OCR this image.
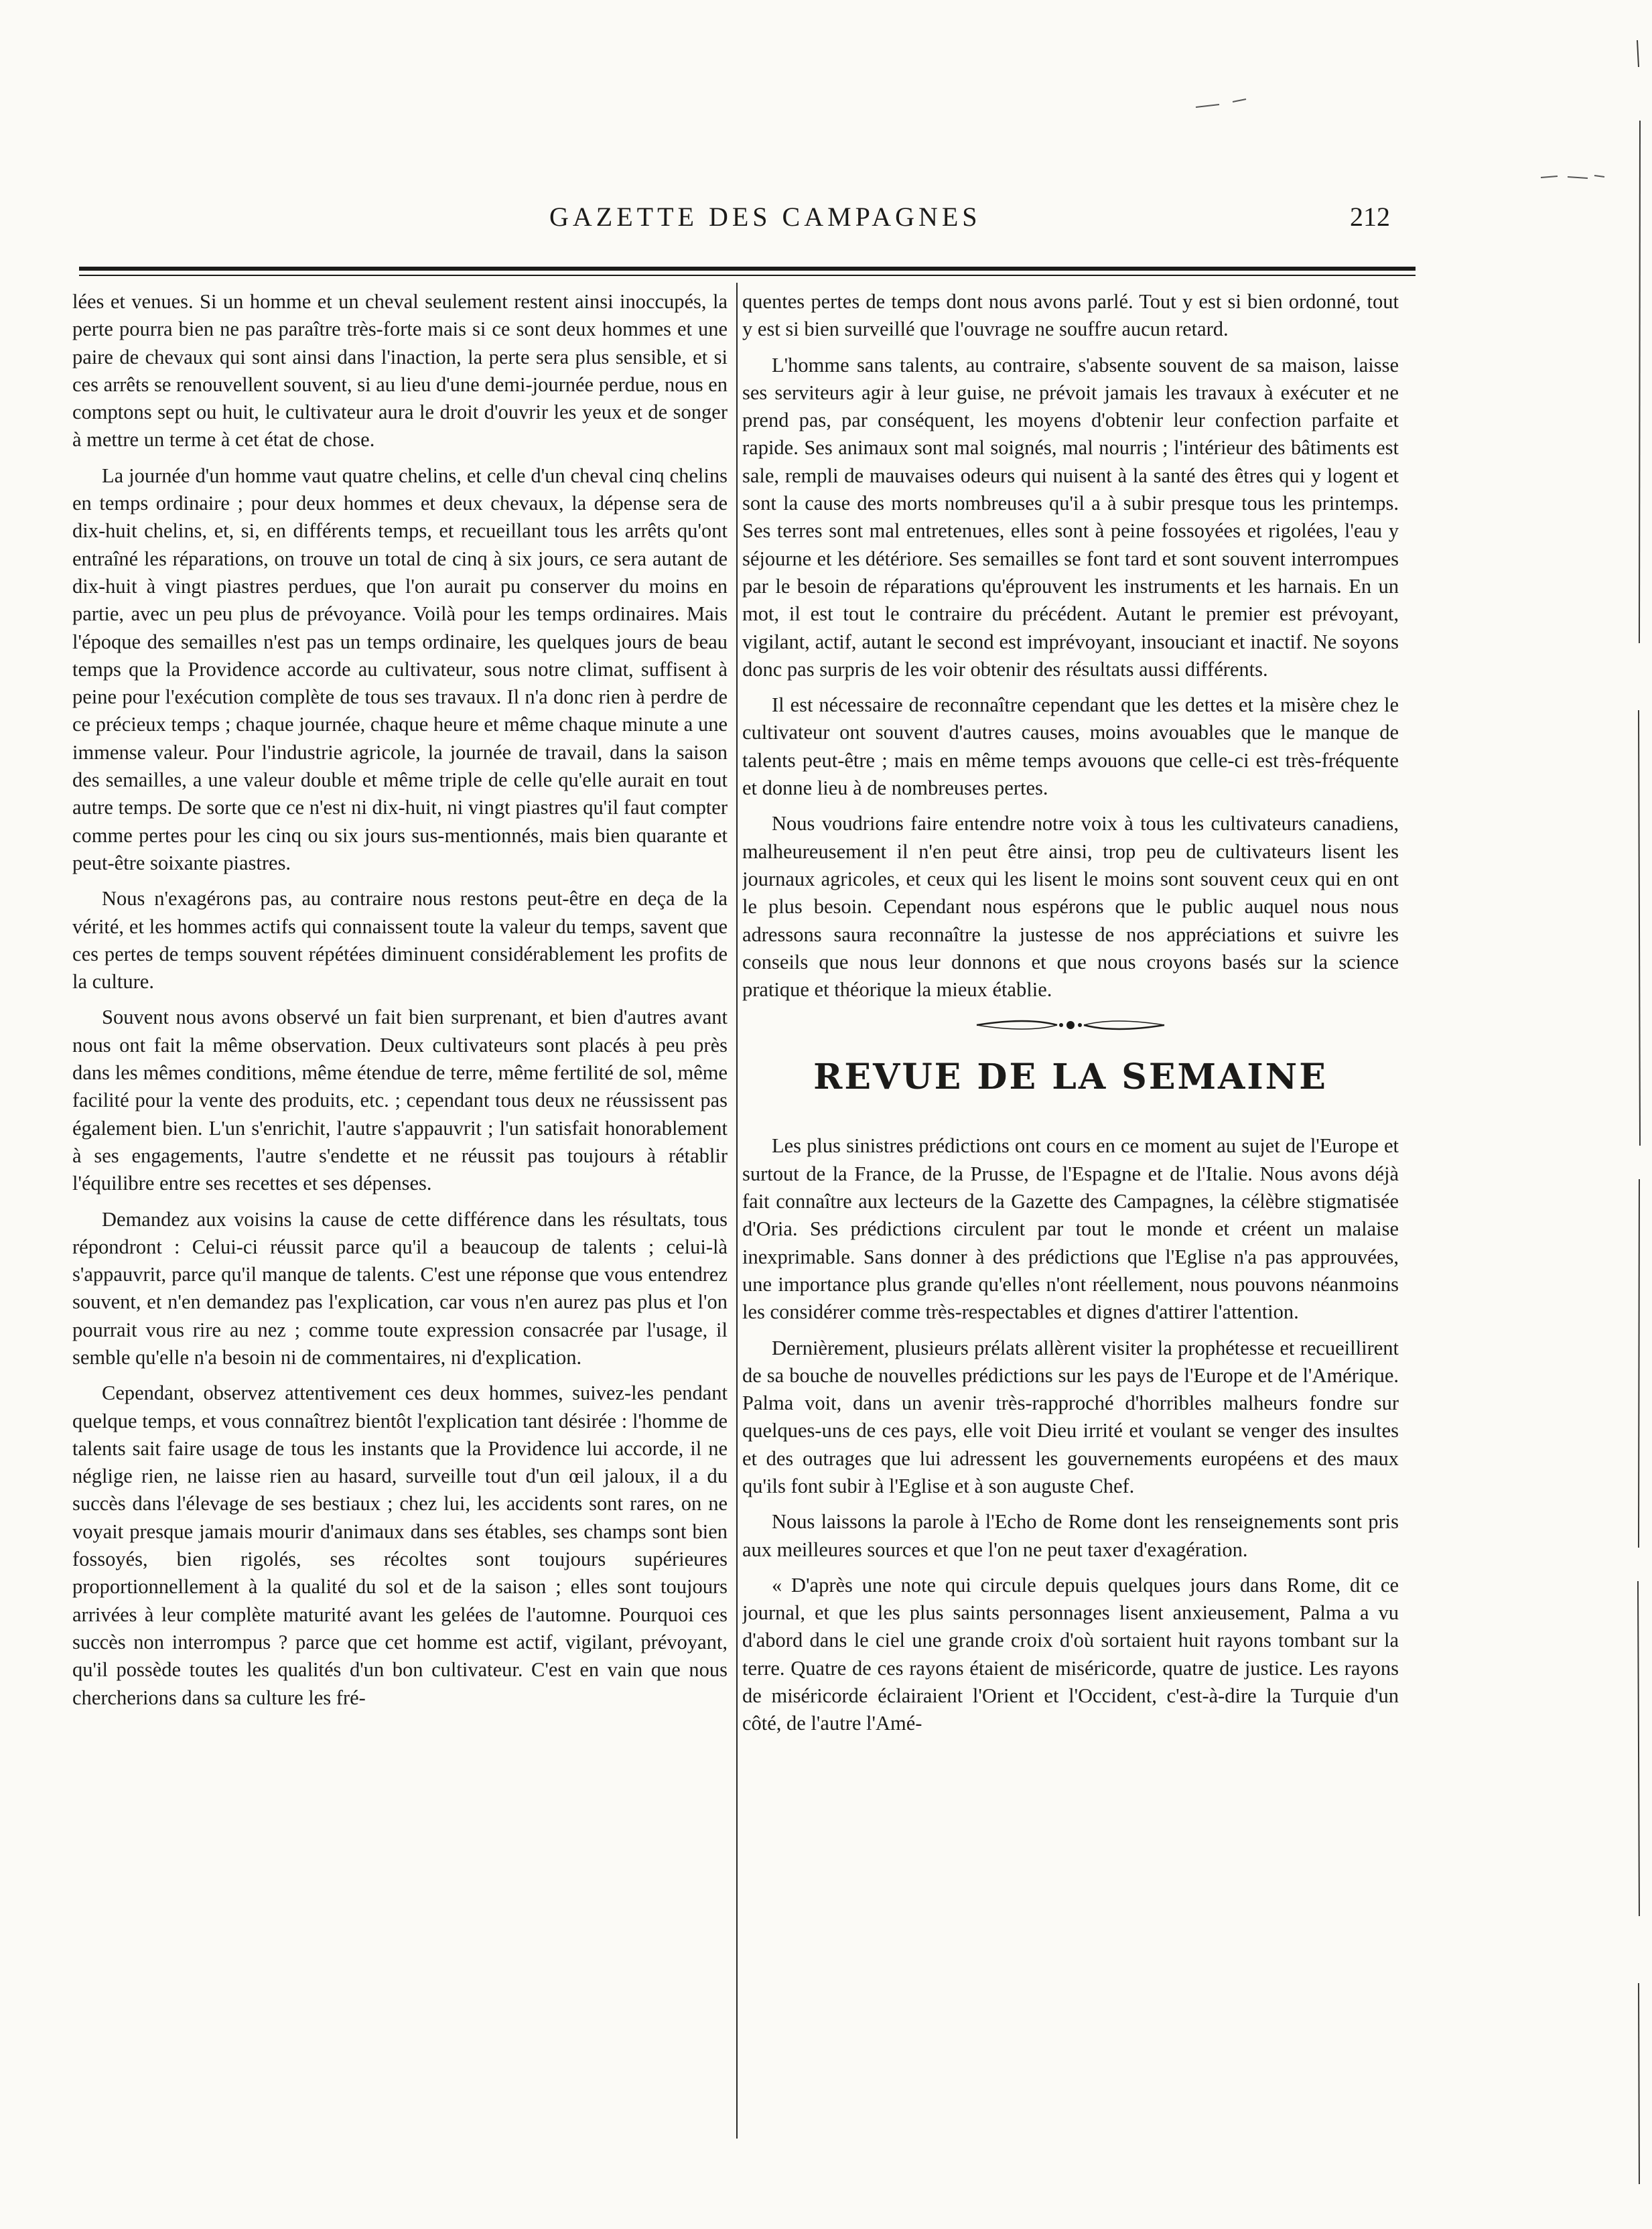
GAZETTE DES CAMPAGNES	212

lées et venues. Si un homme et un cheval seulement restent ainsi inoccupés, la perte pourra bien ne pas paraître très-forte mais si ce sont deux hommes et une paire de chevaux qui sont ainsi dans l'inaction, la perte sera plus sensible, et si ces arrêts se renouvellent souvent, si au lieu d'une demi-journée perdue, nous en comptons sept ou huit, le cultivateur aura le droit d'ouvrir les yeux et de songer à mettre un terme à cet état de chose.

La journée d'un homme vaut quatre chelins, et celle d'un cheval cinq chelins en temps ordinaire ; pour deux hommes et deux chevaux, la dépense sera de dix-huit chelins, et, si, en différents temps, et recueillant tous les arrêts qu'ont entraîné les réparations, on trouve un total de cinq à six jours, ce sera autant de dix-huit à vingt piastres perdues, que l'on aurait pu conserver du moins en partie, avec un peu plus de prévoyance. Voilà pour les temps ordinaires. Mais l'époque des semailles n'est pas un temps ordinaire, les quelques jours de beau temps que la Providence accorde au cultivateur, sous notre climat, suffisent à peine pour l'exécution complète de tous ses travaux. Il n'a donc rien à perdre de ce précieux temps ; chaque journée, chaque heure et même chaque minute a une immense valeur. Pour l'industrie agricole, la journée de travail, dans la saison des semailles, a une valeur double et même triple de celle qu'elle aurait en tout autre temps. De sorte que ce n'est ni dix-huit, ni vingt piastres qu'il faut compter comme pertes pour les cinq ou six jours sus-mentionnés, mais bien quarante et peut-être soixante piastres.

Nous n'exagérons pas, au contraire nous restons peut-être en deça de la vérité, et les hommes actifs qui connaissent toute la valeur du temps, savent que ces pertes de temps souvent répétées diminuent considérablement les profits de la culture.

Souvent nous avons observé un fait bien surprenant, et bien d'autres avant nous ont fait la même observation. Deux cultivateurs sont placés à peu près dans les mêmes conditions, même étendue de terre, même fertilité de sol, même facilité pour la vente des produits, etc. ; cependant tous deux ne réussissent pas également bien. L'un s'enrichit, l'autre s'appauvrit ; l'un satisfait honorablement à ses engagements, l'autre s'endette et ne réussit pas toujours à rétablir l'équilibre entre ses recettes et ses dépenses.

Demandez aux voisins la cause de cette différence dans les résultats, tous répondront : Celui-ci réussit parce qu'il a beaucoup de talents ; celui-là s'appauvrit, parce qu'il manque de talents. C'est une réponse que vous entendrez souvent, et n'en demandez pas l'explication, car vous n'en aurez pas plus et l'on pourrait vous rire au nez ; comme toute expression consacrée par l'usage, il semble qu'elle n'a besoin ni de commentaires, ni d'explication.

Cependant, observez attentivement ces deux hommes, suivez-les pendant quelque temps, et vous connaîtrez bientôt l'explication tant désirée : l'homme de talents sait faire usage de tous les instants que la Providence lui accorde, il ne néglige rien, ne laisse rien au hasard, surveille tout d'un œil jaloux, il a du succès dans l'élevage de ses bestiaux ; chez lui, les accidents sont rares, on ne voyait presque jamais mourir d'animaux dans ses étables, ses champs sont bien fossoyés, bien rigolés, ses récoltes sont toujours supérieures proportionnellement à la qualité du sol et de la saison ; elles sont toujours arrivées à leur complète maturité avant les gelées de l'automne. Pourquoi ces succès non interrompus ? parce que cet homme est actif, vigilant, prévoyant, qu'il possède toutes les qualités d'un bon cultivateur. C'est en vain que nous chercherions dans sa culture les fré-

quentes pertes de temps dont nous avons parlé. Tout y est si bien ordonné, tout y est si bien surveillé que l'ouvrage ne souffre aucun retard.

L'homme sans talents, au contraire, s'absente souvent de sa maison, laisse ses serviteurs agir à leur guise, ne prévoit jamais les travaux à exécuter et ne prend pas, par conséquent, les moyens d'obtenir leur confection parfaite et rapide. Ses animaux sont mal soignés, mal nourris ; l'intérieur des bâtiments est sale, rempli de mauvaises odeurs qui nuisent à la santé des êtres qui y logent et sont la cause des morts nombreuses qu'il a à subir presque tous les printemps. Ses terres sont mal entretenues, elles sont à peine fossoyées et rigolées, l'eau y séjourne et les détériore. Ses semailles se font tard et sont souvent interrompues par le besoin de réparations qu'éprouvent les instruments et les harnais. En un mot, il est tout le contraire du précédent. Autant le premier est prévoyant, vigilant, actif, autant le second est imprévoyant, insouciant et inactif. Ne soyons donc pas surpris de les voir obtenir des résultats aussi différents.

Il est nécessaire de reconnaître cependant que les dettes et la misère chez le cultivateur ont souvent d'autres causes, moins avouables que le manque de talents peut-être ; mais en même temps avouons que celle-ci est très-fréquente et donne lieu à de nombreuses pertes.

Nous voudrions faire entendre notre voix à tous les cultivateurs canadiens, malheureusement il n'en peut être ainsi, trop peu de cultivateurs lisent les journaux agricoles, et ceux qui les lisent le moins sont souvent ceux qui en ont le plus besoin. Cependant nous espérons que le public auquel nous nous adressons saura reconnaître la justesse de nos appréciations et suivre les conseils que nous leur donnons et que nous croyons basés sur la science pratique et théorique la mieux établie.

REVUE DE LA SEMAINE

Les plus sinistres prédictions ont cours en ce moment au sujet de l'Europe et surtout de la France, de la Prusse, de l'Espagne et de l'Italie. Nous avons déjà fait connaître aux lecteurs de la Gazette des Campagnes, la célèbre stigmatisée d'Oria. Ses prédictions circulent par tout le monde et créent un malaise inexprimable. Sans donner à des prédictions que l'Eglise n'a pas approuvées, une importance plus grande qu'elles n'ont réellement, nous pouvons néanmoins les considérer comme très-respectables et dignes d'attirer l'attention.

Dernièrement, plusieurs prélats allèrent visiter la prophétesse et recueillirent de sa bouche de nouvelles prédictions sur les pays de l'Europe et de l'Amérique. Palma voit, dans un avenir très-rapproché d'horribles malheurs fondre sur quelques-uns de ces pays, elle voit Dieu irrité et voulant se venger des insultes et des outrages que lui adressent les gouvernements européens et des maux qu'ils font subir à l'Eglise et à son auguste Chef.

Nous laissons la parole à l'Echo de Rome dont les renseignements sont pris aux meilleures sources et que l'on ne peut taxer d'exagération.

« D'après une note qui circule depuis quelques jours dans Rome, dit ce journal, et que les plus saints personnages lisent anxieusement, Palma a vu d'abord dans le ciel une grande croix d'où sortaient huit rayons tombant sur la terre. Quatre de ces rayons étaient de miséricorde, quatre de justice. Les rayons de miséricorde éclairaient l'Orient et l'Occident, c'est-à-dire la Turquie d'un côté, de l'autre l'Amé-
